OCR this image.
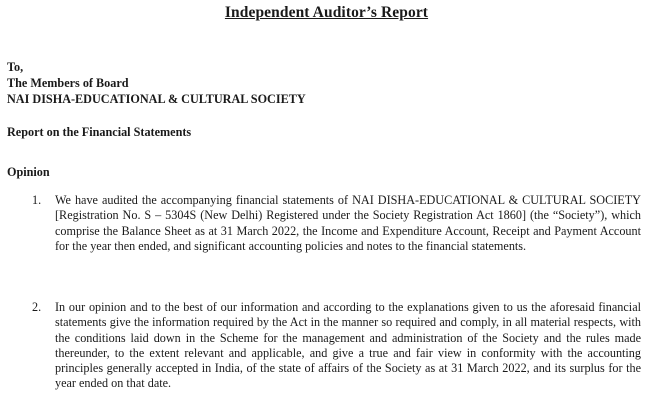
Independent Auditor’s Report
To,
The Members of Board
NAI DISHA-EDUCATIONAL & CULTURAL SOCIETY
Report on the Financial Statements
Opinion
1. We have audited the accompanying financial statements of NAI DISHA-EDUCATIONAL & CULTURAL SOCIETY [Registration No. S – 5304S (New Delhi) Registered under the Society Registration Act 1860] (the “Society”), which comprise the Balance Sheet as at 31 March 2022, the Income and Expenditure Account, Receipt and Payment Account for the year then ended, and significant accounting policies and notes to the financial statements.
2. In our opinion and to the best of our information and according to the explanations given to us the aforesaid financial statements give the information required by the Act in the manner so required and comply, in all material respects, with the conditions laid down in the Scheme for the management and administration of the Society and the rules made thereunder, to the extent relevant and applicable, and give a true and fair view in conformity with the accounting principles generally accepted in India, of the state of affairs of the Society as at 31 March 2022, and its surplus for the year ended on that date.
